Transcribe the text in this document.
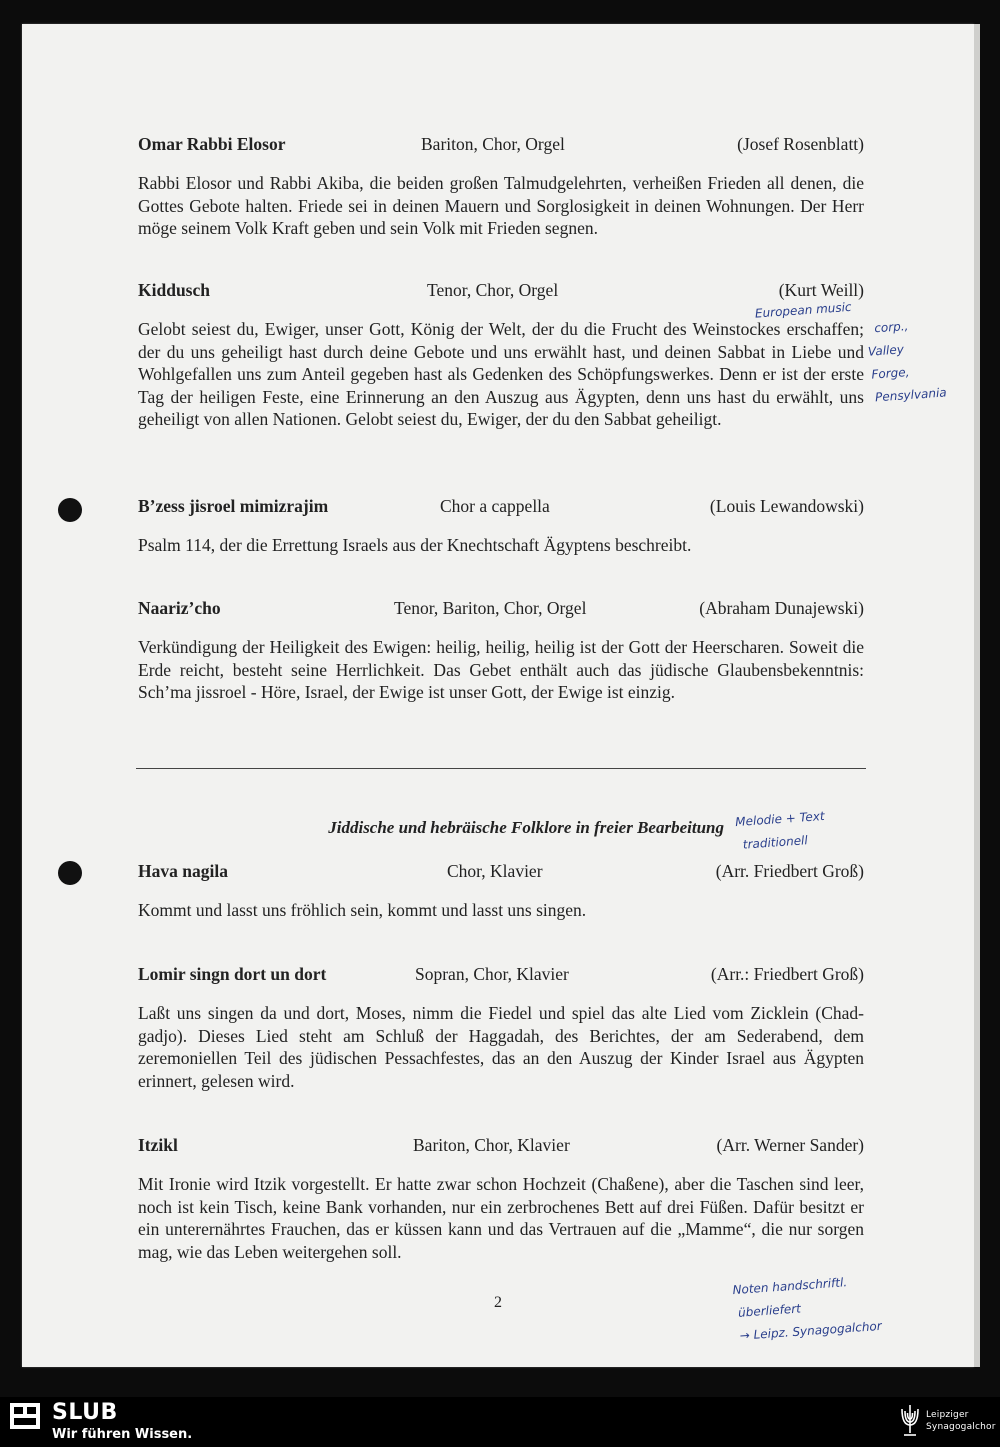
Omar Rabbi Elosor	Bariton, Chor, Orgel	(Josef Rosenblatt)
Rabbi Elosor und Rabbi Akiba, die beiden großen Talmudgelehrten, verheißen Frieden all denen, die Gottes Gebote halten. Friede sei in deinen Mauern und Sorglosigkeit in deinen Wohnungen. Der Herr möge seinem Volk Kraft geben und sein Volk mit Frieden segnen.
Kiddusch	Tenor, Chor, Orgel	(Kurt Weill)
Gelobt seiest du, Ewiger, unser Gott, König der Welt, der du die Frucht des Weinstockes erschaffen; der du uns geheiligt hast durch deine Gebote und uns erwählt hast, und deinen Sabbat in Liebe und Wohlgefallen uns zum Anteil gegeben hast als Gedenken des Schöpfungswerkes. Denn er ist der erste Tag der heiligen Feste, eine Erinnerung an den Auszug aus Ägypten, denn uns hast du erwählt, uns geheiligt von allen Nationen. Gelobt seiest du, Ewiger, der du den Sabbat geheiligt.
B’zess jisroel mimizrajim	Chor a cappella	(Louis Lewandowski)
Psalm 114, der die Errettung Israels aus der Knechtschaft Ägyptens beschreibt.
Naariz’cho	Tenor, Bariton, Chor, Orgel	(Abraham Dunajewski)
Verkündigung der Heiligkeit des Ewigen: heilig, heilig, heilig ist der Gott der Heerscharen. Soweit die Erde reicht, besteht seine Herrlichkeit. Das Gebet enthält auch das jüdische Glaubensbekenntnis: Sch’ma jissroel - Höre, Israel, der Ewige ist unser Gott, der Ewige ist einzig.
Jiddische und hebräische Folklore in freier Bearbeitung
Hava nagila	Chor, Klavier	(Arr. Friedbert Groß)
Kommt und lasst uns fröhlich sein, kommt und lasst uns singen.
Lomir singn dort un dort	Sopran, Chor, Klavier	(Arr.: Friedbert Groß)
Laßt uns singen da und dort, Moses, nimm die Fiedel und spiel das alte Lied vom Zicklein (Chad-gadjo). Dieses Lied steht am Schluß der Haggadah, des Berichtes, der am Sederabend, dem zeremoniellen Teil des jüdischen Pessachfestes, das an den Auszug der Kinder Israel aus Ägypten erinnert, gelesen wird.
Itzikl	Bariton, Chor, Klavier	(Arr. Werner Sander)
Mit Ironie wird Itzik vorgestellt. Er hatte zwar schon Hochzeit (Chaßene), aber die Taschen sind leer, noch ist kein Tisch, keine Bank vorhanden, nur ein zerbrochenes Bett auf drei Füßen. Dafür besitzt er ein unterernährtes Frauchen, das er küssen kann und das Vertrauen auf die „Mamme“, die nur sorgen mag, wie das Leben weitergehen soll.
2
European music
corp.,
Valley
Forge,
Pensylvania
Melodie + Text
traditionell
Noten handschriftl.
überliefert
→ Leipz. Synagogalchor
SLUB
Wir führen Wissen.
Leipziger
Synagogalchor
